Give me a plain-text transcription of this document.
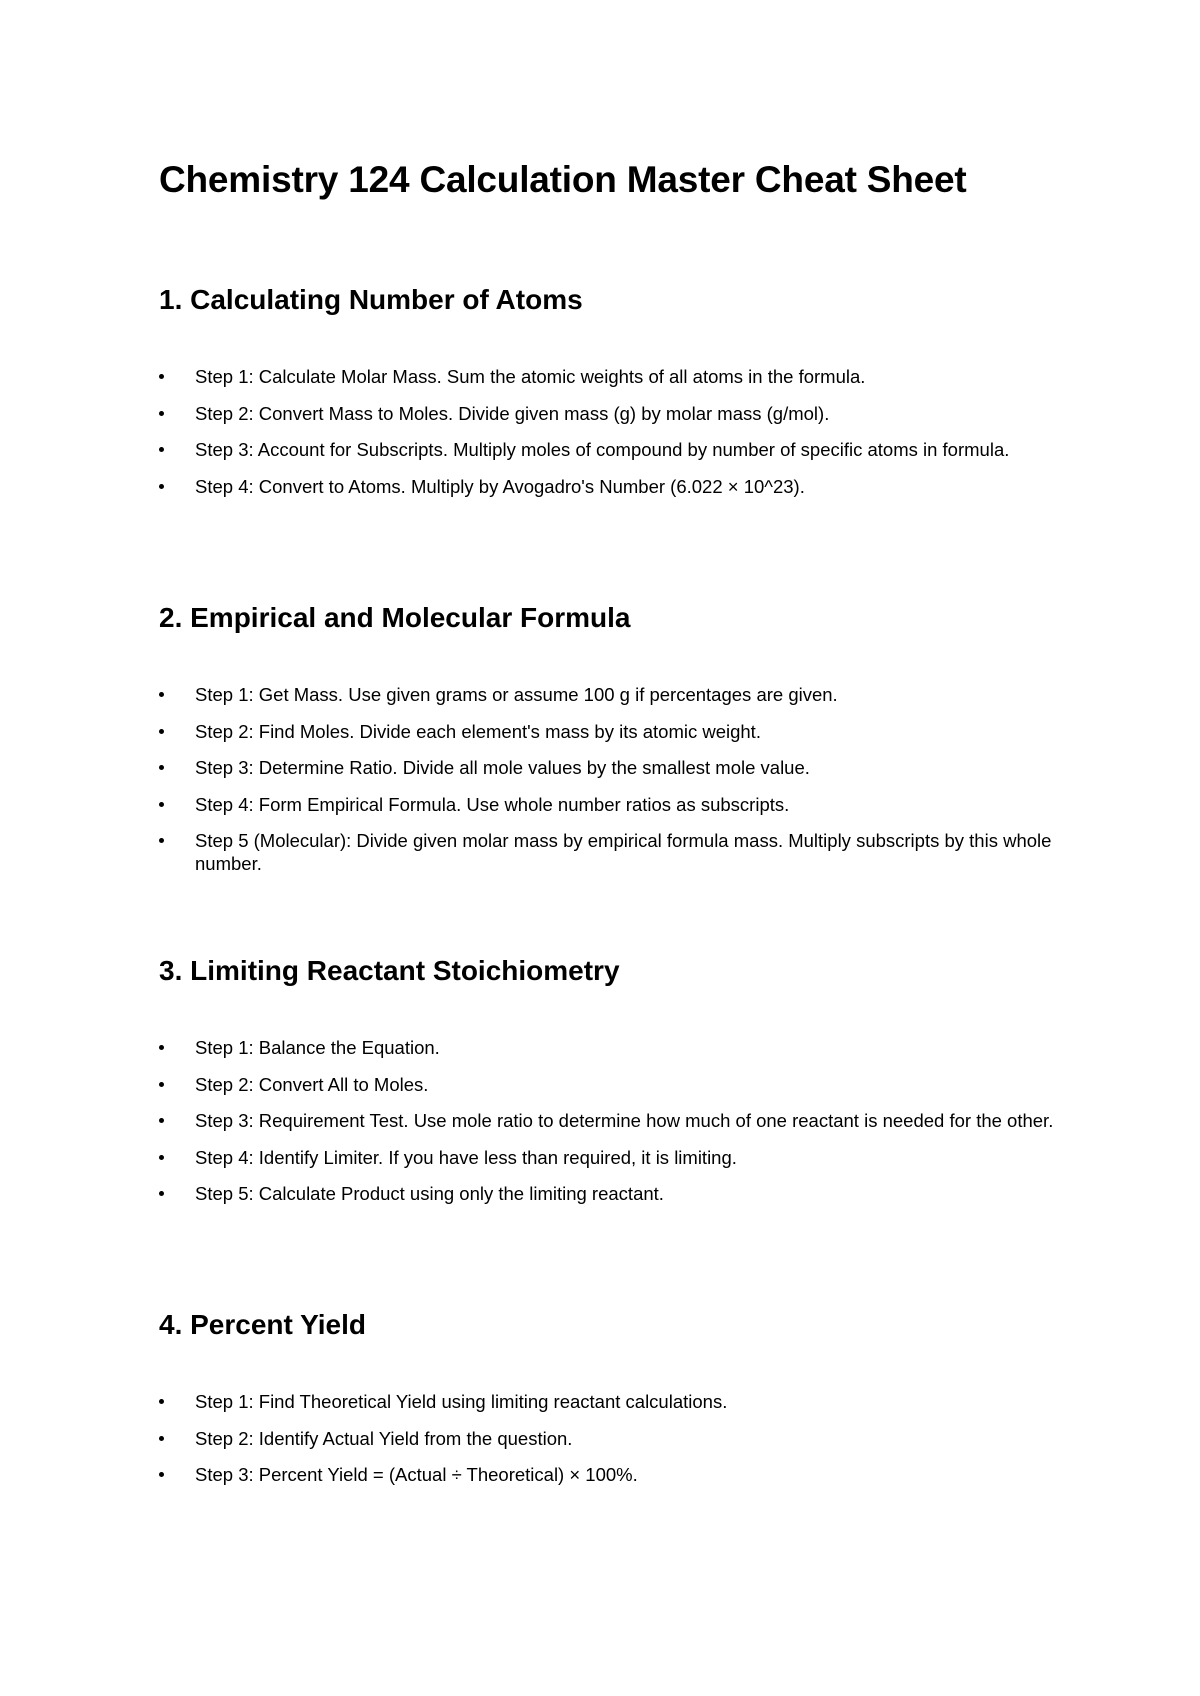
Chemistry 124 Calculation Master Cheat Sheet
1. Calculating Number of Atoms
Step 1: Calculate Molar Mass. Sum the atomic weights of all atoms in the formula.
Step 2: Convert Mass to Moles. Divide given mass (g) by molar mass (g/mol).
Step 3: Account for Subscripts. Multiply moles of compound by number of specific atoms in formula.
Step 4: Convert to Atoms. Multiply by Avogadro's Number (6.022 × 10^23).
2. Empirical and Molecular Formula
Step 1: Get Mass. Use given grams or assume 100 g if percentages are given.
Step 2: Find Moles. Divide each element's mass by its atomic weight.
Step 3: Determine Ratio. Divide all mole values by the smallest mole value.
Step 4: Form Empirical Formula. Use whole number ratios as subscripts.
Step 5 (Molecular): Divide given molar mass by empirical formula mass. Multiply subscripts by this whole number.
3. Limiting Reactant Stoichiometry
Step 1: Balance the Equation.
Step 2: Convert All to Moles.
Step 3: Requirement Test. Use mole ratio to determine how much of one reactant is needed for the other.
Step 4: Identify Limiter. If you have less than required, it is limiting.
Step 5: Calculate Product using only the limiting reactant.
4. Percent Yield
Step 1: Find Theoretical Yield using limiting reactant calculations.
Step 2: Identify Actual Yield from the question.
Step 3: Percent Yield = (Actual ÷ Theoretical) × 100%.
